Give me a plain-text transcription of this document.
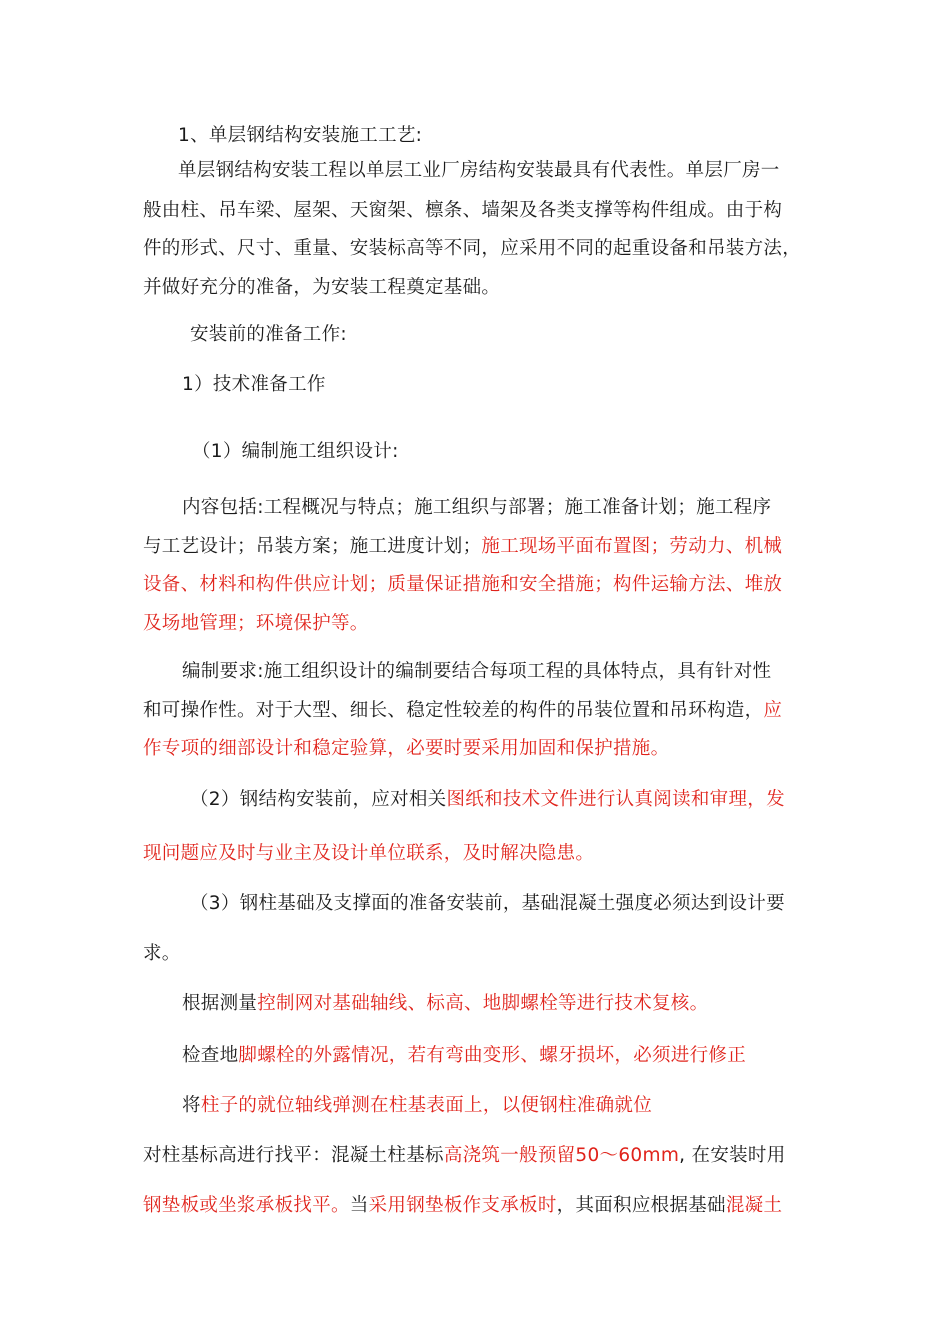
1、单层钢结构安装施工工艺:
单层钢结构安装工程以单层工业厂房结构安装最具有代表性。单层厂房一
般由柱、吊车梁、屋架、天窗架、檩条、墙架及各类支撑等构件组成。由于构
件的形式、尺寸、重量、安装标高等不同，应采用不同的起重设备和吊装方法，
并做好充分的准备，为安装工程奠定基础。
安装前的准备工作:
1）技术准备工作
（1）编制施工组织设计:
内容包括:工程概况与特点；施工组织与部署；施工准备计划；施工程序
与工艺设计；吊装方案；施工进度计划；施工现场平面布置图；劳动力、机械
设备、材料和构件供应计划；质量保证措施和安全措施；构件运输方法、堆放
及场地管理；环境保护等。
编制要求:施工组织设计的编制要结合每项工程的具体特点，具有针对性
和可操作性。对于大型、细长、稳定性较差的构件的吊装位置和吊环构造，应
作专项的细部设计和稳定验算，必要时要采用加固和保护措施。
（2）钢结构安装前，应对相关图纸和技术文件进行认真阅读和审理，发
现问题应及时与业主及设计单位联系，及时解决隐患。
（3）钢柱基础及支撑面的准备安装前，基础混凝土强度必须达到设计要
求。
根据测量控制网对基础轴线、标高、地脚螺栓等进行技术复核。
检查地脚螺栓的外露情况，若有弯曲变形、螺牙损坏，必须进行修正
将柱子的就位轴线弹测在柱基表面上，以便钢柱准确就位
对柱基标高进行找平：混凝土柱基标高浇筑一般预留50～60mm, 在安装时用
钢垫板或坐浆承板找平。当采用钢垫板作支承板时，其面积应根据基础混凝土
